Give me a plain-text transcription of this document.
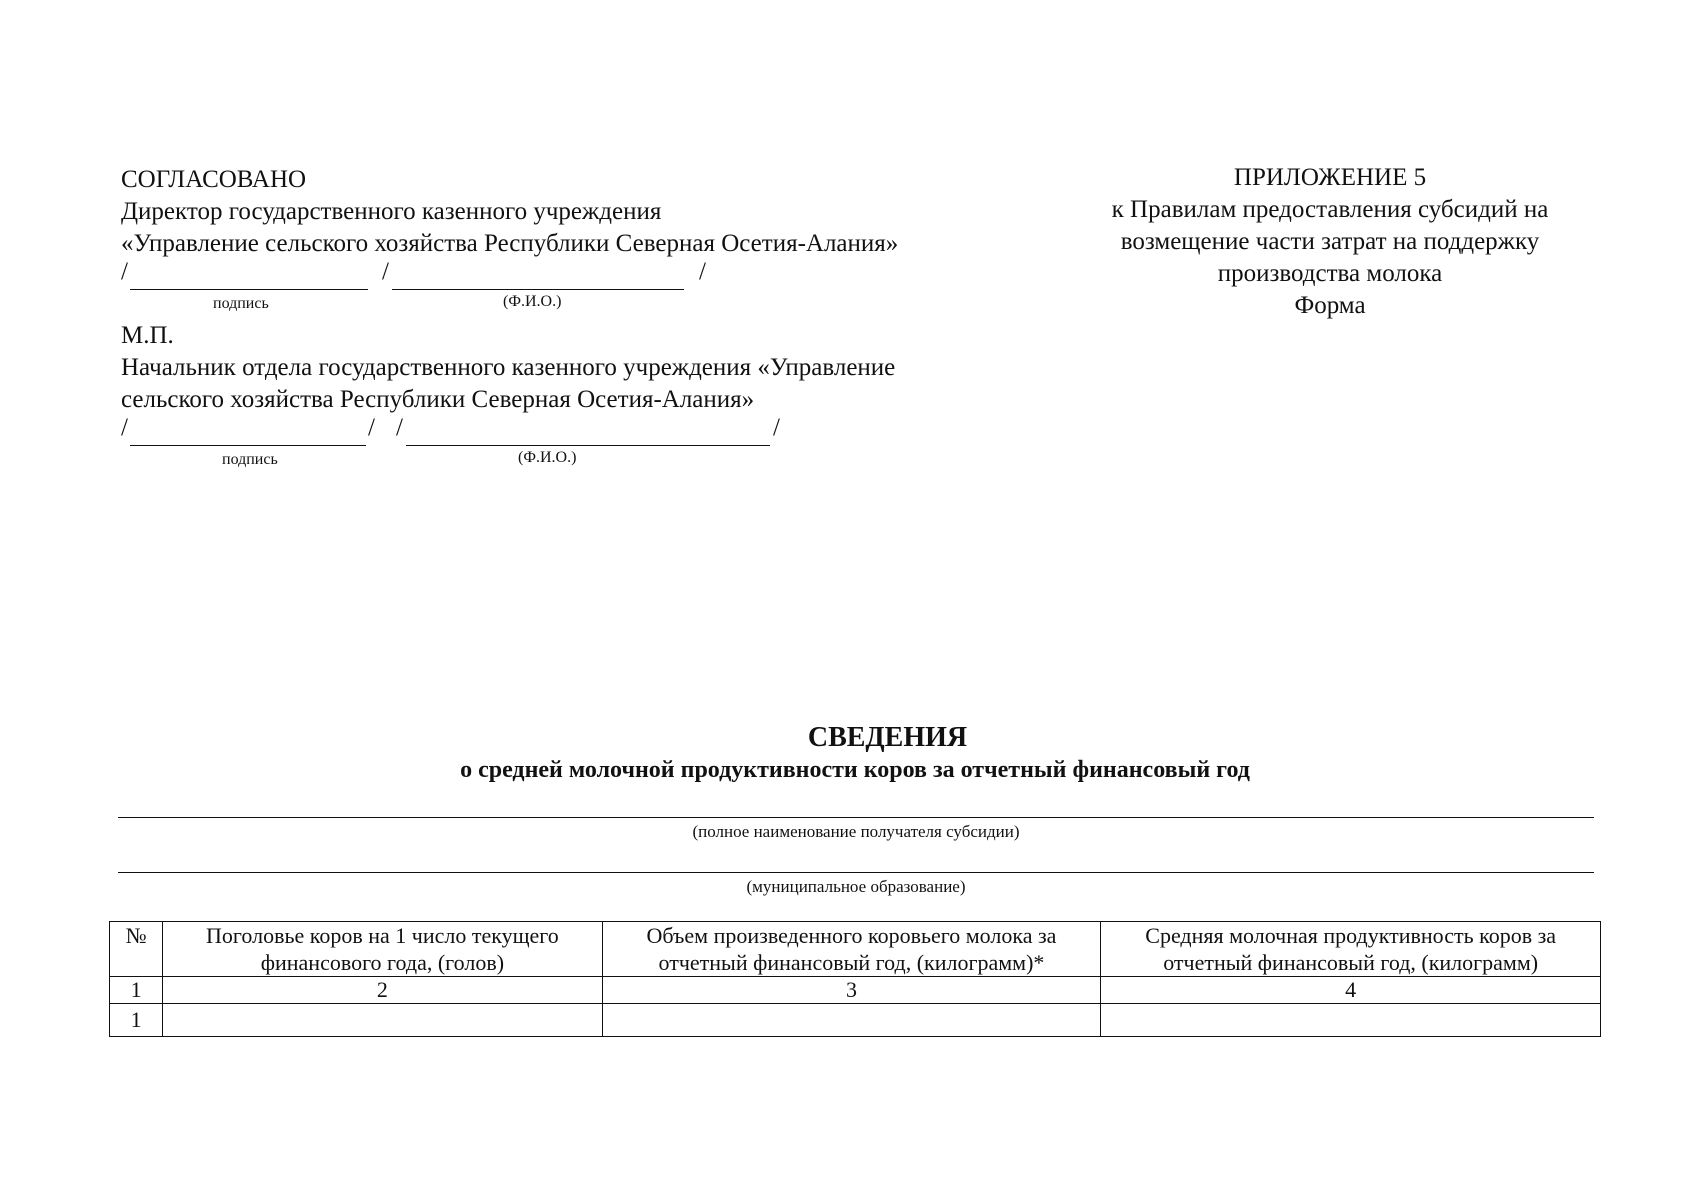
СОГЛАСОВАНО
Директор государственного казенного учреждения
«Управление сельского хозяйства Республики Северная Осетия-Алания»
/	/	/
подпись	(Ф.И.О.)
М.П.
Начальник отдела государственного казенного учреждения «Управление
сельского хозяйства Республики Северная Осетия-Алания»
/	/ /	/
подпись	(Ф.И.О.)
ПРИЛОЖЕНИЕ 5
к Правилам предоставления субсидий на
возмещение части затрат на поддержку
производства молока
Форма
СВЕДЕНИЯ
о средней молочной продуктивности коров за отчетный финансовый год
(полное наименование получателя субсидии)
(муниципальное образование)
№	Поголовье коров на 1 число текущего финансового года, (голов)	Объем произведенного коровьего молока за отчетный финансовый год, (килограмм)*	Средняя молочная продуктивность коров за отчетный финансовый год, (килограмм)
1	2	3	4
1			
